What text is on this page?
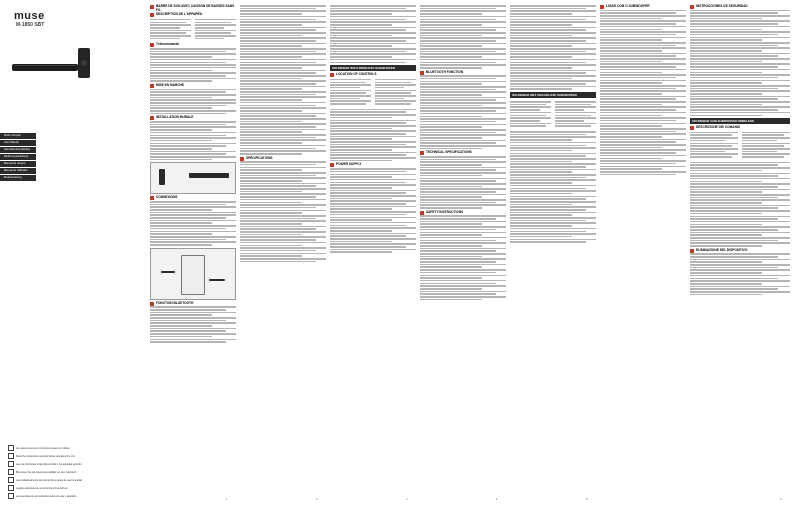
muse
M-1850 SBT
Mode d'emploi
User Manual
Gebruikershandleiding
Bedienungsanleitung
Manual de usuario
Manual do Utilizador
Bruksanvisning
Lire attentivement les instructions avant de l'utiliser
Read the instructions carefully before operating the unit
Lees de instructies zorgvuldig voordat u het apparaat gebruikt
Bitte lesen Sie die Anleitung sorgfältig vor dem Gebrauch
Lea cuidadosamente las instrucciones antes de usar la unidad
Leggere attentamente le istruzioni prima dell'uso
Leia atentamente as instruções antes de usar o aparelho
BARRE DE SON AVEC CAISSON DE BASSES SANS FIL
DESCRIPTION DE L'APPAREIL
Télécommande
MISE EN MARCHE
INSTALLATION MURALE
CONNEXIONS
FONCTION BLUETOOTH
SPÉCIFICATIONS
SOUNDBAR WITH WIRELESS SUBWOOFER
LOCATION OF CONTROLS
POWER SUPPLY
BLUETOOTH FUNCTION
TECHNICAL SPECIFICATIONS
SAFETY INSTRUCTIONS
SOUNDBAR MET DRAADLOZE SUBWOOFER
LIGAR COM O SUBWOOFER	INSTRUCCIONES DE SEGURIDAD
SOUNDBAR CON SUBWOOFER WIRELESS
DESCRIZIONE DEI COMANDI
ELIMINAZIONE DEL DISPOSITIVO
1	2	3	4	5	6
